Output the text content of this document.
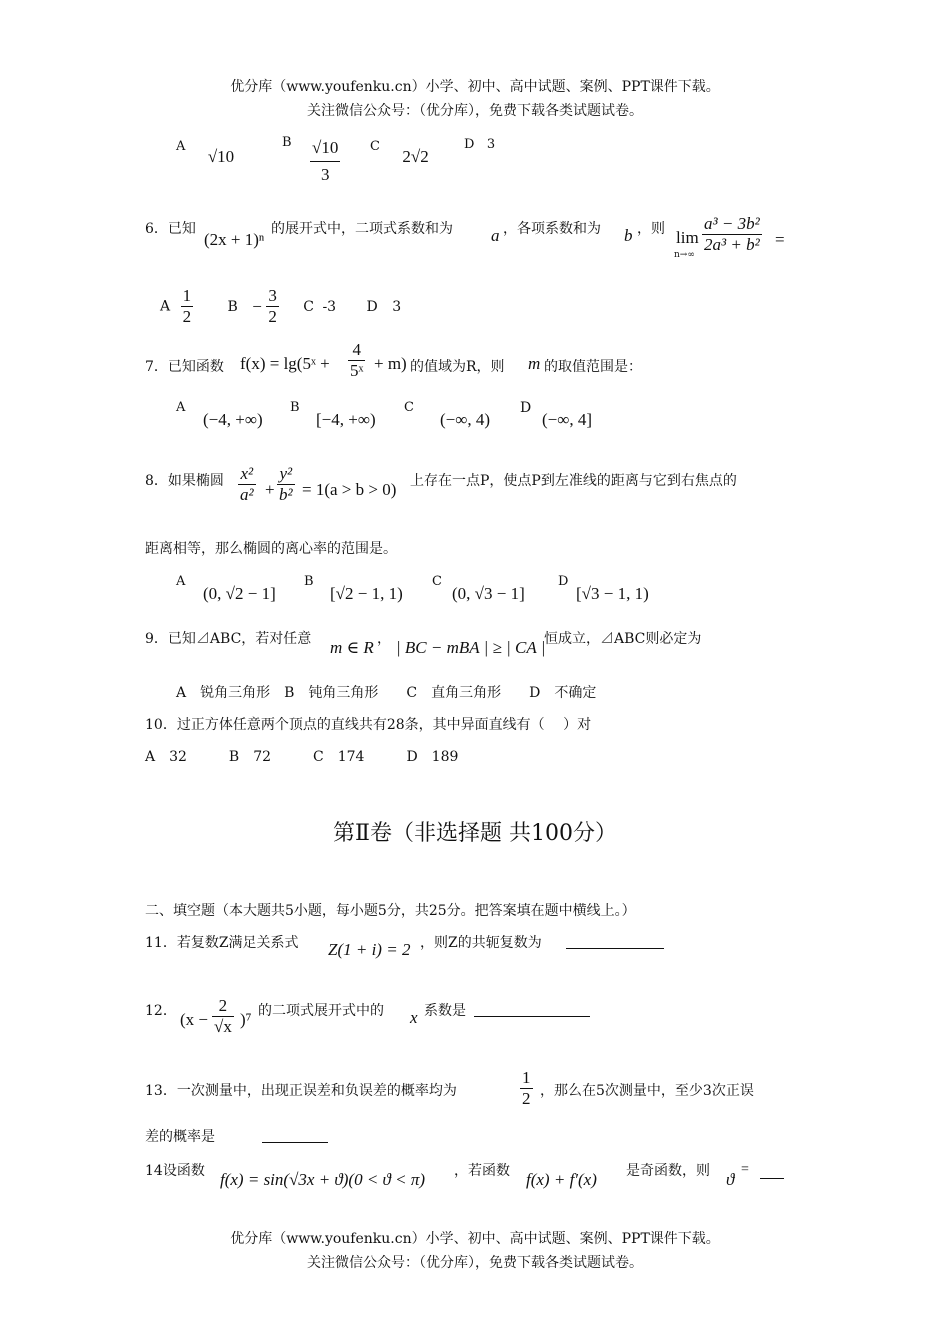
优分库（www.youfenku.cn）小学、初中、高中试题、案例、PPT课件下载。
关注微信公众号：（优分库），免费下载各类试题试卷。
A √10
B $\frac{√10}{3}$ C 2√2
D 3
6．已知
(2x + 1)ⁿ
的展开式中，二项式系数和为 a ，各项系数和为 b ，则 lim
$n\to\infty \frac{\text{a³ − 3b²}}{\text{2a³ + b²}}$ =
A $\frac{1}{2}$ $B - \frac{3}{2}$ C -3 D 3
7．已知函数 f(x) = lg(5ˣ + $\frac{4}{\text{5ˣ}} + m$) 的值域为R，则 m 的取值范围是：
A
(−4, +∞)
B
[−4, +∞)
C
(−∞, 4)
D
(−∞, 4]
8．如果椭圆 $\frac{\text{x²}}{\text{a²}} + \frac{\text{y²}}{\text{b²}} = 1(a > b > 0)$ 上存在一点P，使点P到左准线的距离与它到右焦点的
距离相等，那么椭圆的离心率的范围是。
A
(0, √2 − 1]
B
[√2 − 1, 1)
C
(0, √3 − 1]
D
[√3 − 1, 1)
9．已知⊿ABC，若对任意 m ∈ R ， | BC − mBA | ≥ | CA |
恒成立，⊿ABC则必定为
A　锐角三角形　B　钝角三角形　　C　直角三角形　　D　不确定
10．过正方体任意两个顶点的直线共有28条，其中异面直线有（　 ）对
A　32　　　B　72　　　C　174　　　D　189
第Ⅱ卷（非选择题 共100分）
二、填空题（本大题共5小题，每小题5分，共25分。把答案填在题中横线上。）
11．若复数Z满足关系式 Z(1 + i) = 2 ，则Z的共轭复数为
12． $(x - \frac{2}{√x} )^7$ 的二项式展开式中的 x 系数是
13．一次测量中，出现正误差和负误差的概率均为	$\frac{1}{2}$ ，那么在5次测量中，至少3次正误
差的概率是
14设函数 f(x) = sin(√3x + ϑ)(0 < ϑ < π) ，若函数 f(x) + f′(x) 是奇函数，则 ϑ
=
优分库（www.youfenku.cn）小学、初中、高中试题、案例、PPT课件下载。
关注微信公众号：（优分库），免费下载各类试题试卷。
